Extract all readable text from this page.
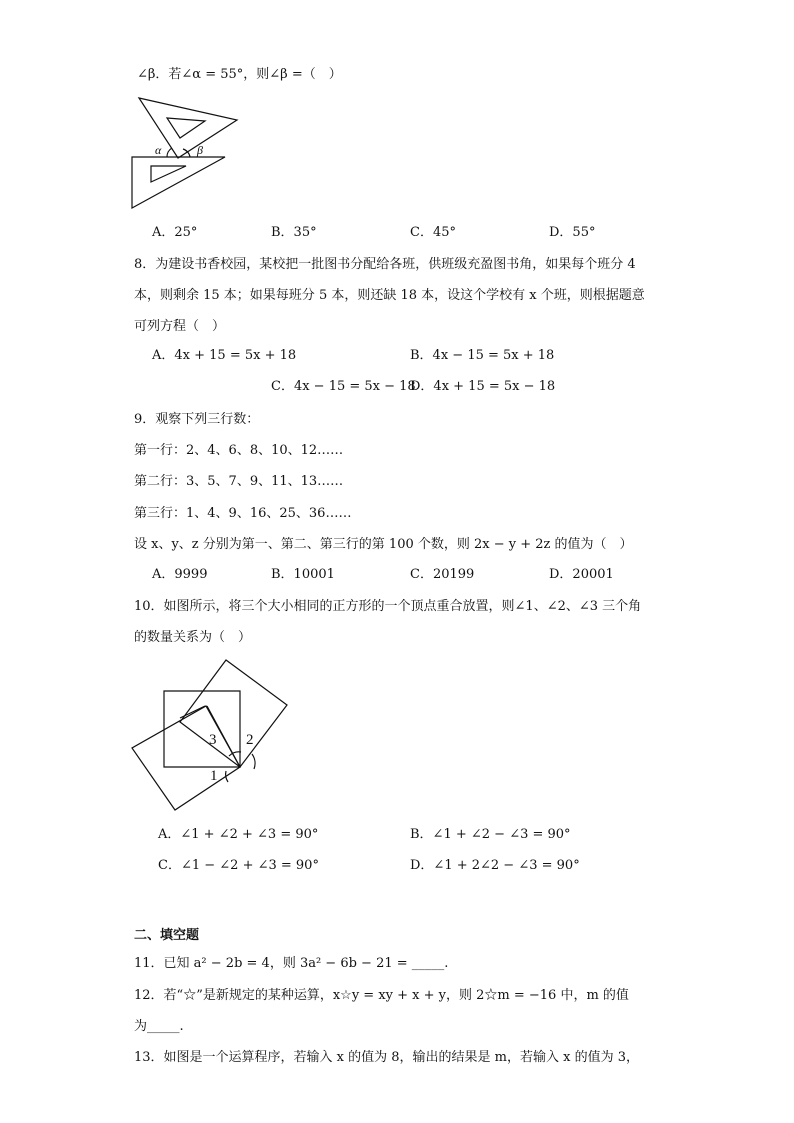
∠β．若∠α = 55°，则∠β =（　）
α	β
A．25°	B．35°	C．45°	D．55°
8．为建设书香校园，某校把一批图书分配给各班，供班级充盈图书角，如果每个班分 4
本，则剩余 15 本；如果每班分 5 本，则还缺 18 本，设这个学校有 x 个班，则根据题意
可列方程（　）
A．4x + 15 = 5x + 18	B．4x − 15 = 5x + 18
C．4x − 15 = 5x − 18
D．4x + 15 = 5x − 18
9．观察下列三行数：
第一行：2、4、6、8、10、12……
第二行：3、5、7、9、11、13……
第三行：1、4、9、16、25、36……
设 x、y、z 分别为第一、第二、第三行的第 100 个数，则 2x − y + 2z 的值为（　）
A．9999	B．10001	C．20199	D．20001
10．如图所示，将三个大小相同的正方形的一个顶点重合放置，则∠1、∠2、∠3 三个角
的数量关系为（　）
3 2
1
A．∠1 + ∠2 + ∠3 = 90°	B．∠1 + ∠2 − ∠3 = 90°
C．∠1 − ∠2 + ∠3 = 90°	D．∠1 + 2∠2 − ∠3 = 90°
二、填空题
11．已知 a² − 2b = 4，则 3a² − 6b − 21 = _____.
12．若“☆”是新规定的某种运算，x☆y = xy + x + y，则 2☆m = −16 中，m 的值
为_____.
13．如图是一个运算程序，若输入 x 的值为 8，输出的结果是 m，若输入 x 的值为 3，
